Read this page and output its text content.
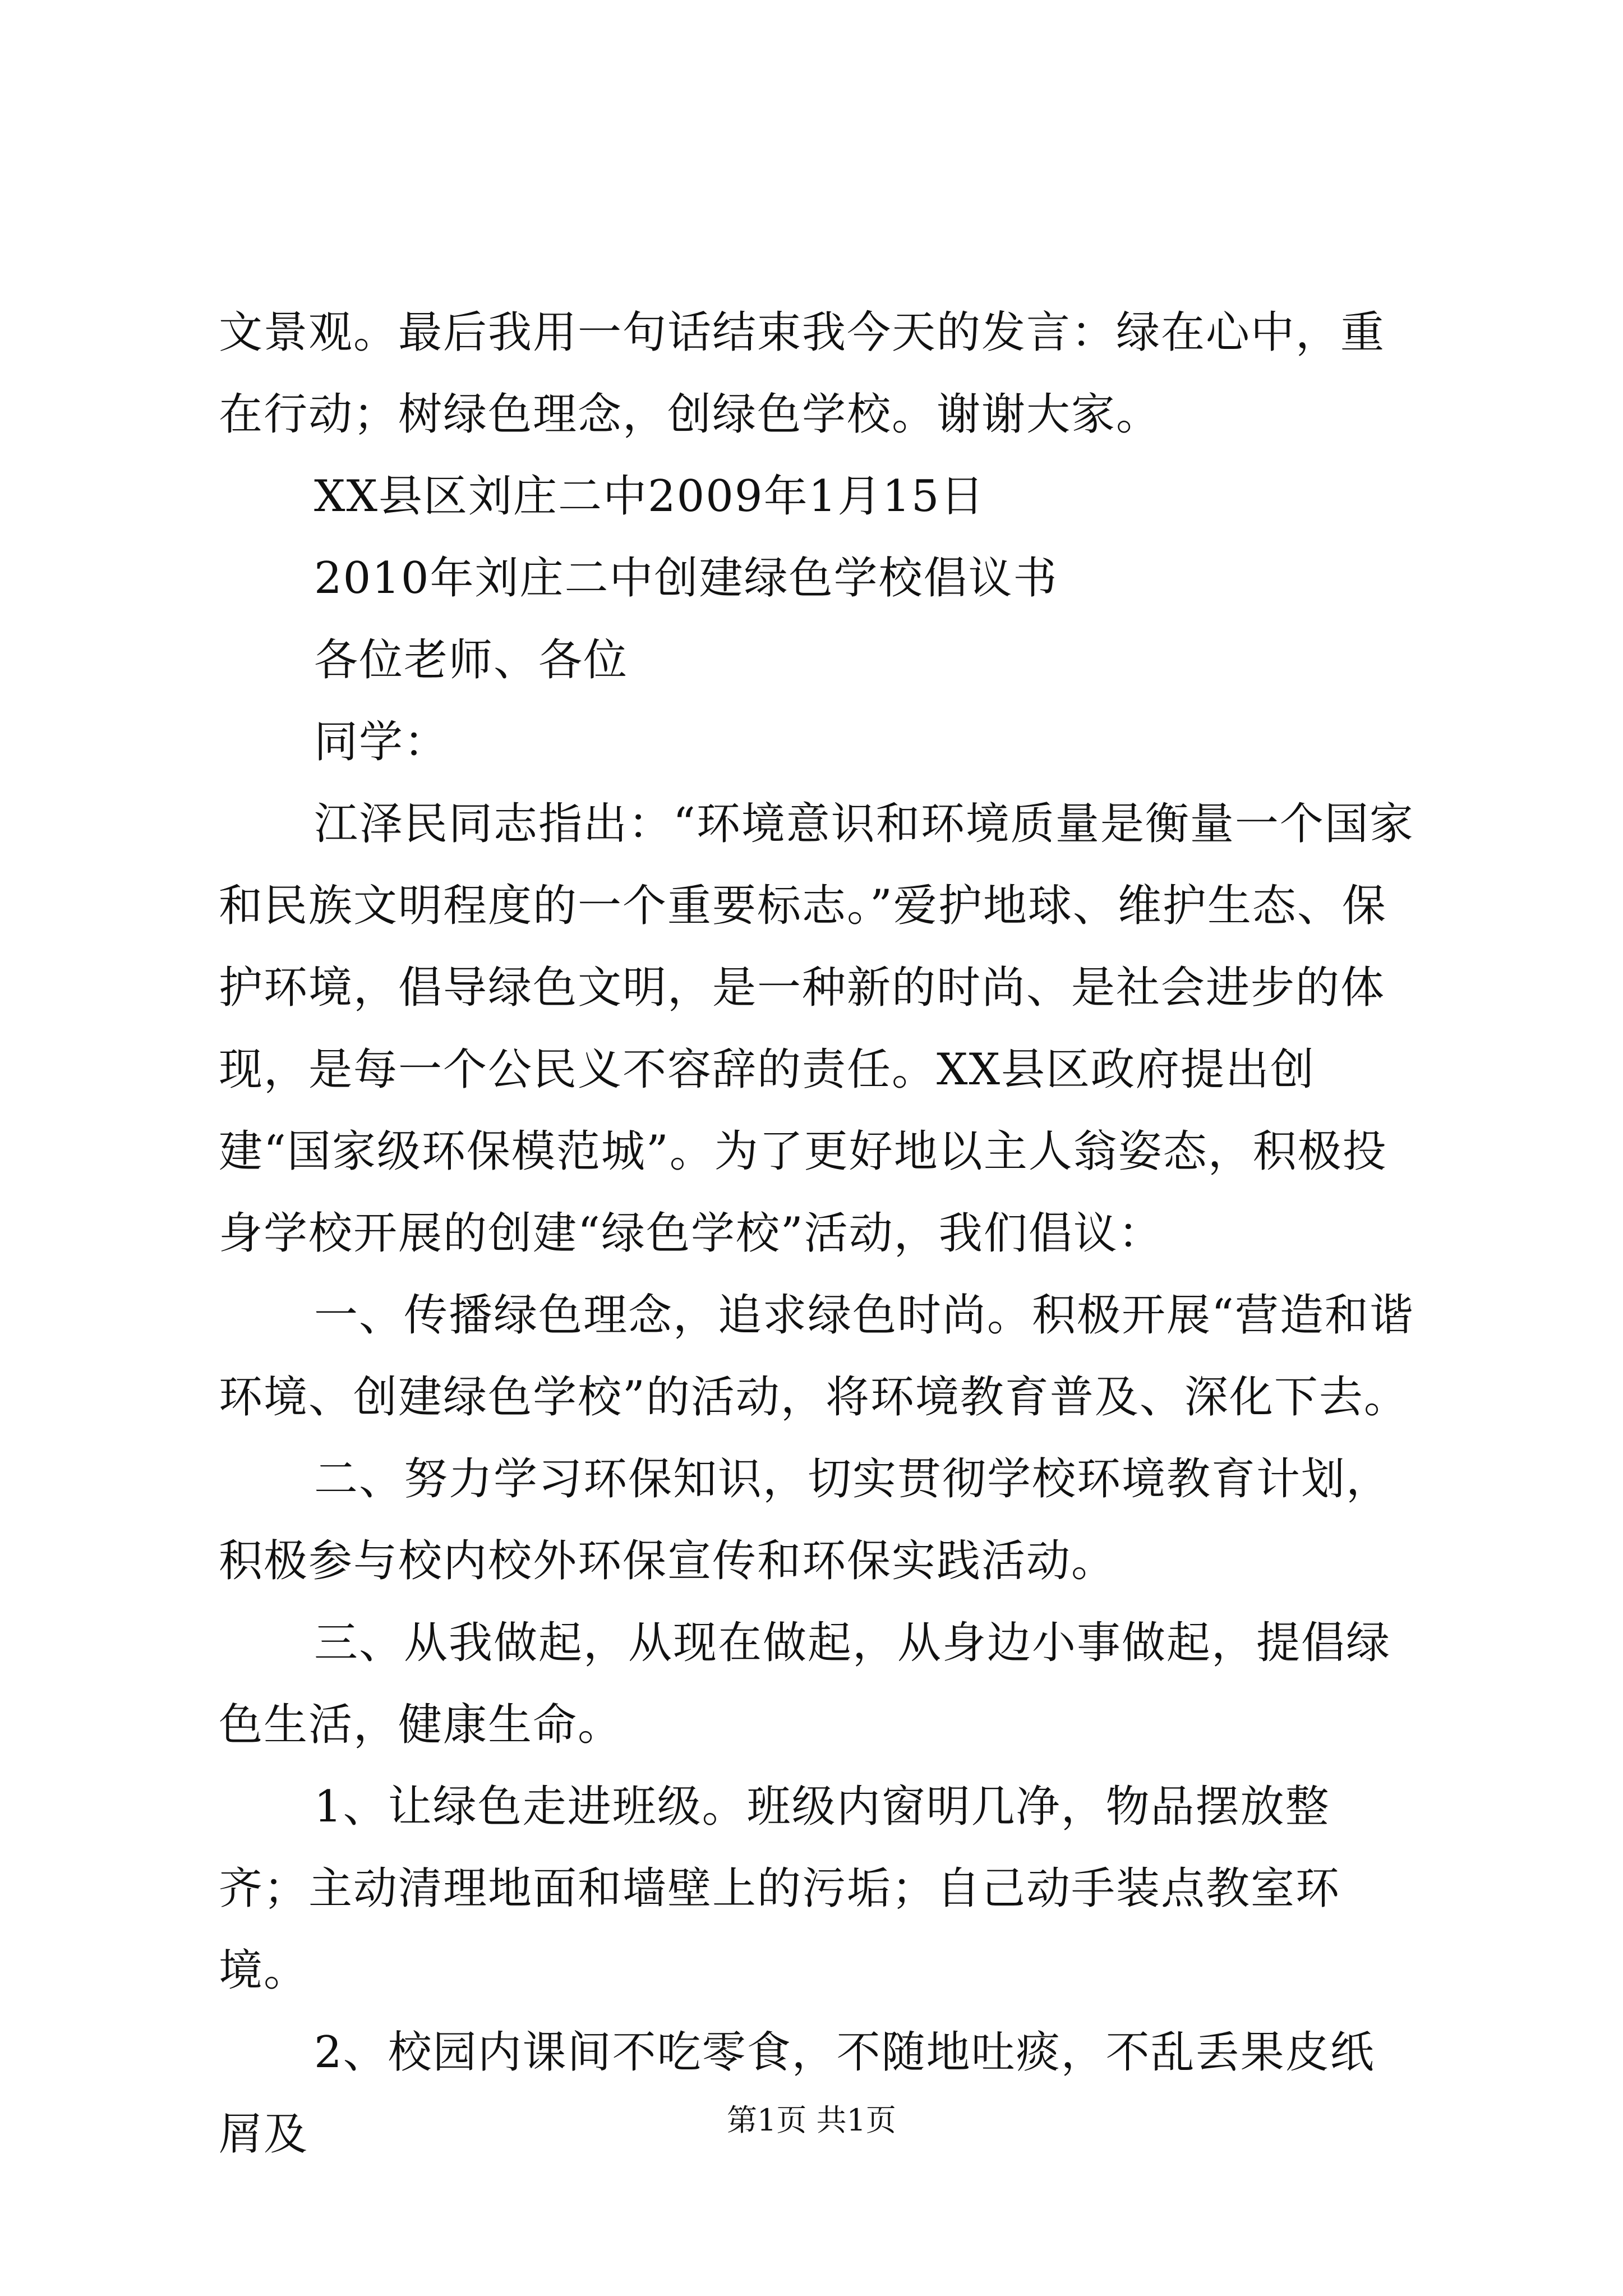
文景观。最后我用一句话结束我今天的发言：绿在心中，重在行动；树绿色理念，创绿色学校。谢谢大家。

XX县区刘庄二中2009年1月15日

2010年刘庄二中创建绿色学校倡议书

各位老师、各位

同学：

江泽民同志指出：“环境意识和环境质量是衡量一个国家和民族文明程度的一个重要标志。”爱护地球、维护生态、保护环境，倡导绿色文明，是一种新的时尚、是社会进步的体现，是每一个公民义不容辞的责任。XX县区政府提出创建“国家级环保模范城”。为了更好地以主人翁姿态，积极投身学校开展的创建“绿色学校”活动，我们倡议：

一、传播绿色理念，追求绿色时尚。积极开展“营造和谐环境、创建绿色学校”的活动，将环境教育普及、深化下去。

二、努力学习环保知识，切实贯彻学校环境教育计划，积极参与校内校外环保宣传和环保实践活动。

三、从我做起，从现在做起，从身边小事做起，提倡绿色生活，健康生命。

1、让绿色走进班级。班级内窗明几净，物品摆放整齐；主动清理地面和墙壁上的污垢；自己动手装点教室环境。

2、校园内课间不吃零食，不随地吐痰，不乱丢果皮纸屑及	第1页 共1页
